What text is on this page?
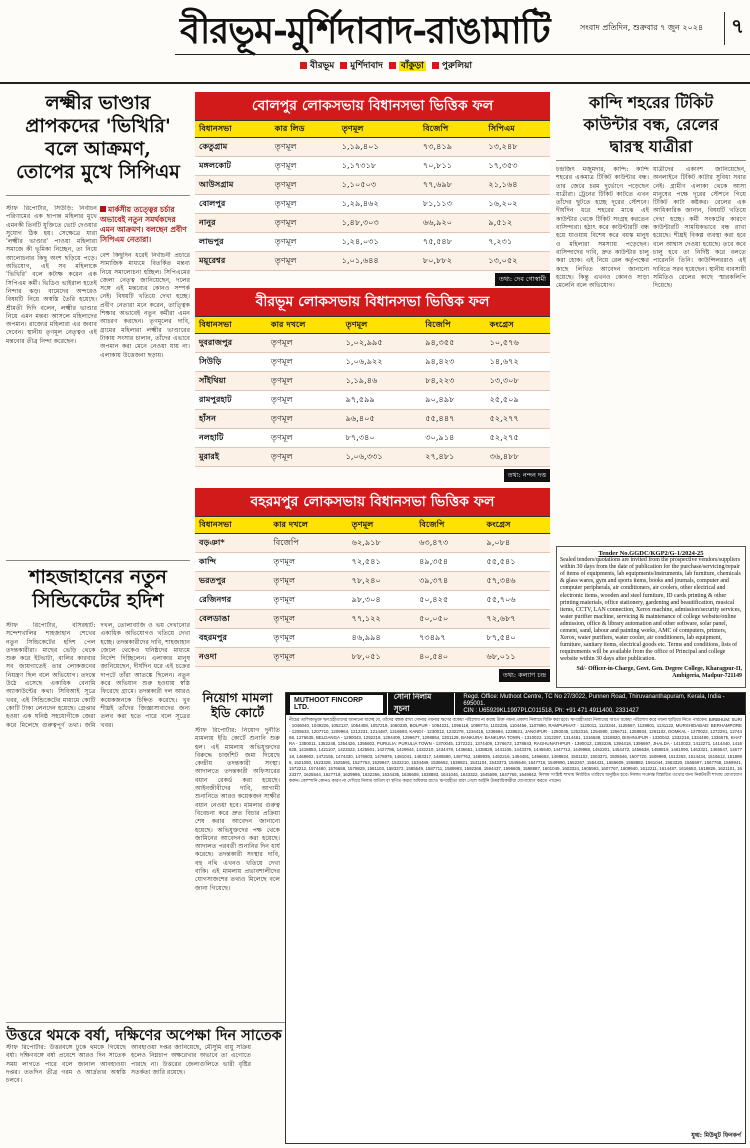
বীরভূম-মুর্শিদাবাদ-রাঙামাটি	সংবাদ প্রতিদিন, শুক্রবার ৭ জুন ২০২৪	৭
বীরভূম	মুর্শিদাবাদ	বাঁকুড়া	পুরুলিয়া
লক্ষ্মীর ভাণ্ডার
প্রাপকদের 'ভিখিরি'
বলে আক্রমণ,
তোপের মুখে সিপিএম
স্টাফ রিপোর্টার, সিউড়ি: নির্বাচন পরিণামের এক ছাপান্ন মহিলার মুখে এমনকী তিনটি যুক্তিতে ভোট দেওয়ার সুযোগ ঠিক হয়। সেক্ষেত্রে যারা 'লক্ষ্মীর ভাণ্ডার' পাওয়া মহিলারা সমাজে কী ভূমিকা নিচ্ছেন, তা নিয়ে আলোচনার কিছু অংশ ছড়িয়ে পড়ে। অভিযোগ, এই সব মহিলাকে 'ভিখিরি' বলে কটাক্ষ করেন এক সিপিএম কর্মী। ভিডিও ভাইরাল হতেই নিন্দার ঝড়। বামেদের অন্দরেও বিষয়টি নিয়ে অস্বস্তি তৈরি হয়েছে। শ্রীমতী দিদি বলেন, লক্ষ্মীর ভাণ্ডার নিয়ে এমন মন্তব্য আসলে মহিলাদের অপমান। রাজ্যের মহিলারা এর জবাব দেবেন। স্থানীয় তৃণমূল নেতৃত্বও এই মন্তব্যের তীব্র নিন্দা করেছেন।
মার্কসীয় তত্ত্বের চর্চার অভাবেই নতুন সমর্থকদের এমন আক্রমণ। বলছেন প্রবীণ সিপিএম নেতারা।
বেশ কিছুদিন ধরেই নির্বাচনী প্রচারে সামাজিক মাধ্যমে বিতর্কিত মন্তব্য নিয়ে সমালোচনা হচ্ছিল। সিপিএমের জেলা নেতৃত্ব জানিয়েছেন, দলের সঙ্গে এই মন্তব্যের কোনও সম্পর্ক নেই। বিষয়টি খতিয়ে দেখা হচ্ছে। প্রবীণ নেতারা মনে করেন, তাত্ত্বিক শিক্ষার অভাবেই নতুন কর্মীরা এমন আচরণ করছেন। তৃণমূলের দাবি, গ্রামের মহিলারা লক্ষ্মীর ভাণ্ডারের টাকায় সংসার চালান, তাঁদের এভাবে অপমান করা মেনে নেওয়া যায় না। এলাকায় উত্তেজনা ছড়ায়।
শাহজাহানের নতুন
সিন্ডিকেটের হদিশ
স্টাফ রিপোর্টার, বসিরহাট: সন্দেশখালির শাহজাহান শেখের নতুন সিন্ডিকেটের হদিশ পেল তদন্তকারীরা। মাছের ভেড়ি থেকে শুরু করে ইটভাটা, বালির কারবার সব জায়গাতেই তার লোকজনের নিয়ন্ত্রণ ছিল বলে অভিযোগ। তদন্তে উঠে এসেছে একাধিক বেনামি অ্যাকাউন্টের কথা। সিবিআই সূত্রে খবর, এই সিন্ডিকেটের মাধ্যমে কোটি কোটি টাকা লেনদেন হয়েছে। গ্রেপ্তার হওয়া এক ঘনিষ্ঠ সহযোগীকে জেরা করে মিলেছে গুরুত্বপূর্ণ তথ্য। জমি দখল, তোলাবাজি ও ভয় দেখানোর একাধিক অভিযোগও খতিয়ে দেখা হচ্ছে। তদন্তকারীদের দাবি, শাহজাহান জেলে থেকেও ঘনিষ্ঠদের মাধ্যমে নির্দেশ দিচ্ছিলেন। এলাকার মানুষ জানিয়েছেন, দীর্ঘদিন ধরে এই চক্রের দাপটে তাঁরা আতঙ্কে ছিলেন। নতুন করে অভিযান শুরু হওয়ায় স্বস্তি ফিরেছে গ্রামে। তদন্তকারী দল আরও কয়েকজনকে চিহ্নিত করেছে। খুব শীঘ্রই তাঁদের জিজ্ঞাসাবাদের জন্য তলব করা হতে পারে বলে সূত্রের খবর।
উত্তরে থমকে বর্ষা, দক্ষিণের অপেক্ষা দিন সাতেক
স্টাফ রিপোর্টার: উত্তরবঙ্গে ঢুকে থমকে গিয়েছে বর্ষা। দক্ষিণবঙ্গে বর্ষা প্রবেশে আরও দিন সাতেক সময় লাগতে পারে বলে জানাল আবহাওয়া দপ্তর। ততদিন তীব্র গরম ও আর্দ্রতার অস্বস্তি চলবে।
আবহাওয়া দপ্তর জানিয়েছে, মৌসুমি বায়ু সক্রিয় হলেও নিম্নচাপ অক্ষরেখার অভাবে তা এগোতে পারছে না। উত্তরের জেলাগুলিতে ভারী বৃষ্টির সতর্কতা জারি রয়েছে।
বোলপুর লোকসভায় বিধানসভা ভিত্তিক ফল
বিধানসভা	কার লিড	তৃণমূল	বিজেপি	সিপিএম
কেতুগ্রাম	তৃণমূল	১,১৯,৪০১	৭৩,৪১৯	১৩,২৪৮
মঙ্গলকোট	তৃণমূল	১,১৭৩১৮	৭০,৮১১	১৭,৩৫৩
আউসগ্রাম	তৃণমূল	১,১০৫০৩	৭৭,৬৯৮	২১,১৬৪
বোলপুর	তৃণমূল	১,২৯,৪৬২	৮১,১১৩	১৬,২০২
নানুর	তৃণমূল	১,৪৮,৩০৩	৬৬,৯২০	৯,৫১২
লাভপুর	তৃণমূল	১,২৪,০৩১	৭৫,৫৪৮	৭,২৩১
ময়ূরেশ্বর	তৃণমূল	১,০১,৬৪৪	৮০,৮৮২	১৩,০৫২
তথ্য: দেব গোস্বামী
বীরভূম লোকসভায় বিধানসভা ভিত্তিক ফল
বিধানসভা	কার দখলে	তৃণমূল	বিজেপি	কংগ্রেস
দুবরাজপুর	তৃণমূল	১,০২,৯৯৫	৯৪,৩৫৫	১০,৫৭৬
সিউড়ি	তৃণমূল	১,০৬,৯২২	৯৪,৪২৩	১৪,৬৭২
সাঁইথিয়া	তৃণমূল	১,১৯,৪৬	৮৪,২২৩	১৩,৩০৮
রামপুরহাট	তৃণমূল	৯৭,৫৯৯	৯০,৪৯৮	২৫,৫০৯
হাঁসন	তৃণমূল	৯৬,৪০৫	৫৫,৪৪৭	৫২,২৭৭
নলহাটি	তৃণমূল	৮৭,৩৪০	৩০,৯১৪	৫২,২৭৫
মুরারই	তৃণমূল	১,০৬,৩৩১	২৭,৪৮১	৩৬,৪৮৮
তথ্য: নন্দন দত্ত
বহরমপুর লোকসভায় বিধানসভা ভিত্তিক ফল
বিধানসভা	কার দখলে	তৃণমূল	বিজেপি	কংগ্রেস
বড়ঞা*	বিজেপি	৬২,৯১৮	৬৩,৪৭৩	৯,০৮৪
কান্দি	তৃণমূল	৭২,৫৪১	৪৯,৩৫৪	৫৫,৫৪১
ভরতপুর	তৃণমূল	৭৮,২৪০	৩৯,৩৭৪	৫৭,৩৪৬
রেজিনগর	তৃণমূল	৯৮,৩০৪	৫০,৪২৫	৫৫,৭০৬
বেলডাঙা	তৃণমূল	৭৭,১২২	৫০,০৫০	৭২,৬৮৭
বহরমপুর	তৃণমূল	৪৬,৯৯৪	৭৩৪৯৭	৮৭,৫৪০
নওদা	তৃণমূল	৮৮,০৫১	৪০,৫৪০	৬৮,০১১
তথ্য: কল্যাণ চন্দ্র
কান্দি শহরের টিকিট
কাউন্টার বন্ধ, রেলের
দ্বারস্থ যাত্রীরা
চন্দ্রজিৎ মজুমদার, কান্দি: কান্দি শহরের একমাত্র টিকিট কাউন্টার বন্ধ। তার জেরে চরম দুর্ভোগে পড়েছেন যাত্রীরা। ট্রেনের টিকিট কাটতে এখন তাঁদের ছুটতে হচ্ছে দূরের স্টেশনে। দীর্ঘদিন ধরে শহরের মাঝে এই কাউন্টার থেকে টিকিট সংগ্রহ করতেন বাসিন্দারা। হঠাৎ করে কাউন্টারটি বন্ধ হয়ে যাওয়ায় বিশেষ করে বয়স্ক মানুষ ও মহিলারা সমস্যায় পড়েছেন। বাসিন্দাদের দাবি, দ্রুত কাউন্টার চালু করা হোক। এই নিয়ে রেল কর্তৃপক্ষের কাছে লিখিত আবেদন জানানো হয়েছে। কিন্তু এখনও কোনও সাড়া মেলেনি বলে অভিযোগ।
যাত্রীদের একাংশ জানিয়েছেন, অনলাইনে টিকিট কাটার সুবিধা সবার নেই। গ্রামীণ এলাকা থেকে আসা মানুষের পক্ষে দূরের স্টেশনে গিয়ে টিকিট কাটা কষ্টকর। রেলের এক আধিকারিক জানান, বিষয়টি খতিয়ে দেখা হচ্ছে। কর্মী সংকটের কারণে কাউন্টারটি সাময়িকভাবে বন্ধ রাখা হয়েছে। শীঘ্রই বিকল্প ব্যবস্থা করা হবে বলে আশ্বাস দেওয়া হয়েছে। তবে কবে চালু হবে তা নির্দিষ্ট করে বলতে পারেননি তিনি। কাউন্সিলররাও এই দাবিতে সরব হয়েছেন। স্থানীয় ব্যবসায়ী সমিতিও রেলের কাছে স্মারকলিপি দিয়েছে।
Tender No.GGDC/KGP2/G-1/2024-25
Sealed tenders/quotations are invited from the prospective vendors/suppliers within 30 days from the date of publication for the purchase/servicing/repair of items of equipments, lab equipments/instruments, lab furniture, chemicals & glass wares, gym and sports items, books and journals, computer and computer peripherals, air conditioners, air coolers, other electrical and electronic items, wooden and steel furniture, ID cards printing & other printing materials, office stationery, gardening and beautification, musical items, CCTV, LAN connection, Xerox machine, admission/security services, water purifier machine, servicing & maintenance of college website/online admission, office & library automation and other software, solar panel, cement, sand, labour and painting works, AMC of computers, printers, Xerox, water purifiers, water cooler, air conditioners, lab equipment, furniture, sanitary items, electrical goods etc. Terms and conditions, lists of requirements will be available from the office of Principal and college website within 30 days after publication.
Sd/- Officer-in-Charge, Govt. Gen. Degree College, Kharagpur-II, Ambigeria, Madpur-721149
নিয়োগ মামলা
ইডি কোর্টে
স্টাফ রিপোর্টার: নিয়োগ দুর্নীতি মামলায় ইডি কোর্টে শুনানি শুরু হল। এই মামলায় অভিযুক্তদের বিরুদ্ধে চার্জশিট জমা দিয়েছে কেন্দ্রীয় তদন্তকারী সংস্থা। আদালতে তদন্তকারী অফিসারের বয়ান রেকর্ড করা হয়েছে। আইনজীবীদের দাবি, আগামী শুনানিতে আরও কয়েকজন সাক্ষীর বয়ান নেওয়া হবে। মামলার গুরুত্ব বিবেচনা করে দ্রুত বিচার প্রক্রিয়া শেষ করার আবেদন জানানো হয়েছে। অভিযুক্তদের পক্ষ থেকে জামিনের আবেদনও করা হয়েছে। আদালত পরবর্তী শুনানির দিন ধার্য করেছে। তদন্তকারী সংস্থার দাবি, বহু নথি এখনও খতিয়ে দেখা বাকি। এই মামলায় প্রভাবশালীদের যোগসাজশের তথ্যও মিলেছে বলে জানা গিয়েছে।
MUTHOOT FINCORP LTD.
সোনা নিলাম সূচনা
Regd. Office: Muthoot Centre, TC No 27/3022, Punnen Road, Thiruvananthapuram, Kerala, India - 695001.
CIN : U65929KL1997PLC011518, Ph: +91 471 4911400, 2331427
নীচের তালিকাভুক্ত ঋণগ্রহীতাদের জানানো যাচ্ছে যে, তাঁদের বন্ধক রাখা সোনার গয়নার ঋণের বকেয়া পরিশোধ না করায় উক্ত গয়না প্রকাশ্য নিলামে বিক্রি করা হবে। ঋণগ্রহীতারা নিলামের আগে বকেয়া পরিশোধ করে গয়না ছাড়িয়ে নিতে পারবেন। BIRBHUM: SURI - 1046040, 1049226, 1052137, 1054408, 1057219, 1060330, BOLPUR - 1094221, 1096118, 1098774, 1102235, 1104456, 1107890, RAMPURHAT - 1120011, 1123344, 1125567, 1128801, 1131122, MURSHIDABAD: BERHAMPORE - 1205533, 1207710, 1209964, 1212231, 1214487, 1216693, KANDI - 1230012, 1232278, 1234415, 1236694, 1238821, JANGIPUR - 1250045, 1252316, 1254590, 1256711, 1258934, 1261102, DOMKAL - 1270022, 1272291, 1274468, 1276635, BELDANGA - 1290043, 1292218, 1294409, 1296677, 1298854, 1301129, BANKURA: BANKURA TOWN - 1310022, 1312297, 1314461, 1316638, 1318820, BISHNUPUR - 1330042, 1332218, 1334490, 1336675, KHATRA - 1350011, 1352248, 1354426, 1356602, PURULIA: PURULIA TOWN - 1370045, 1372221, 1374409, 1376672, 1378843, RAGHUNATHPUR - 1390012, 1392236, 1394418, 1396697, JHALDA - 1410022, 1412271, 1414440, 1416628, 1418853, 1421107, 1423322, 1425501, 1427786, 1429944, 1432210, 1434478, 1436651, 1438829, 1441105, 1443376, 1445540, 1447712, 1449988, 1452201, 1454472, 1456638, 1458819, 1461090, 1463321, 1465547, 1467718, 1469902, 1472155, 1474430, 1476603, 1478876, 1481041, 1483317, 1485590, 1487762, 1489935, 1492216, 1494481, 1496653, 1498824, 1501102, 1503371, 1505546, 1507720, 1509998, 1512263, 1514434, 1516612, 1518895, 1521050, 1523328, 1525591, 1527763, 1529947, 1532210, 1534489, 1536652, 1538821, 1541104, 1543373, 1545548, 1547716, 1549990, 1552267, 1554431, 1556609, 1558882, 1561044, 1563320, 1565597, 1567768, 1569941, 1572212, 1574480, 1576658, 1578829, 1581103, 1583372, 1585549, 1587711, 1589993, 1592268, 1594437, 1596605, 1598887, 1601049, 1603324, 1605593, 1607767, 1609940, 1612211, 1614487, 1616653, 1618826, 1621101, 1623377, 1625544, 1627719, 1629995, 1632266, 1634435, 1636608, 1638883, 1641046, 1643322, 1645599, 1647765, 1649942. নিলাম সংশ্লিষ্ট শাখায় নির্ধারিত তারিখে অনুষ্ঠিত হবে। নিলাম সংক্রান্ত বিস্তারিত তথ্যের জন্য নিকটবর্তী শাখায় যোগাযোগ করুন। কোম্পানি কোনও কারণ না দেখিয়ে নিলাম বাতিল বা স্থগিত করার অধিকার রাখে। ঋণগ্রহীতা মারা গেলে আইনি উত্তরাধিকারীরা যোগাযোগ করতে পারেন।
যুগ্ম: মিউথুট ফিনকর্প
